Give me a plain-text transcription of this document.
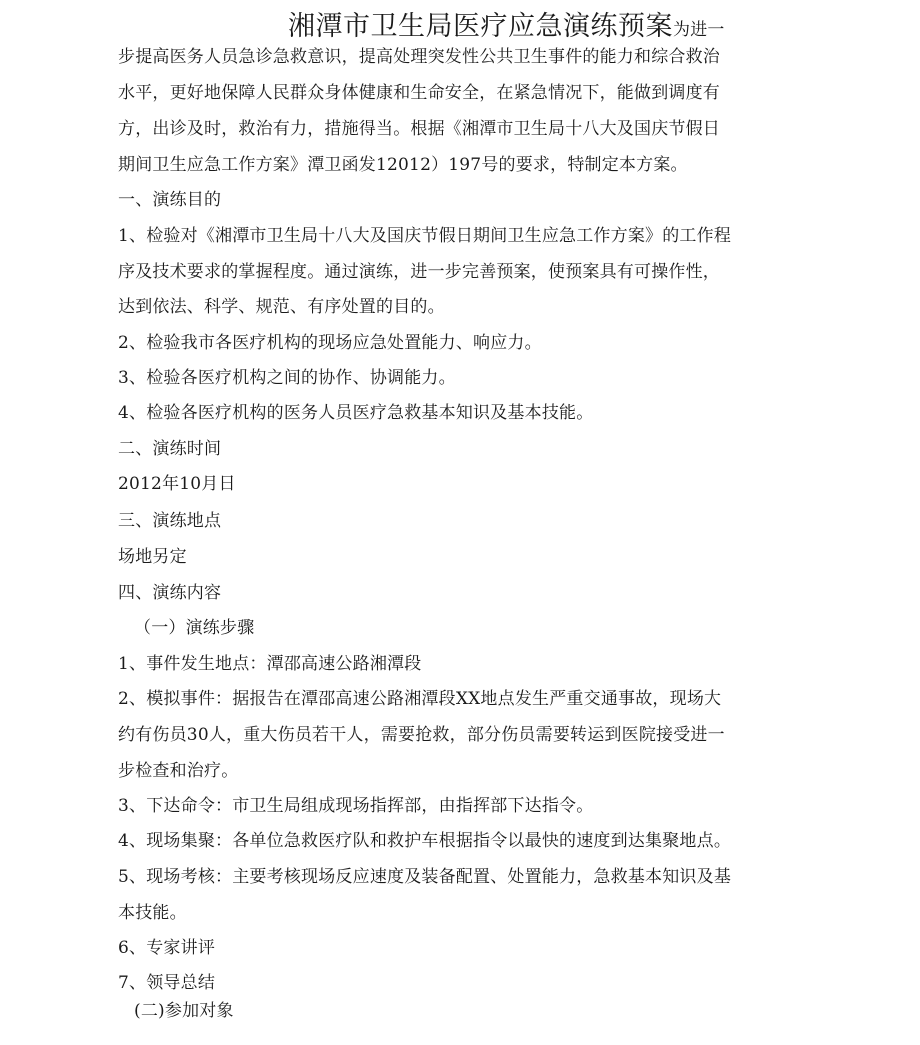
湘潭市卫生局医疗应急演练预案为进一
步提高医务人员急诊急救意识，提高处理突发性公共卫生事件的能力和综合救治
水平，更好地保障人民群众身体健康和生命安全，在紧急情况下，能做到调度有
方，出诊及时，救治有力，措施得当。根据《湘潭市卫生局十八大及国庆节假日
期间卫生应急工作方案》潭卫函发12012）197号的要求，特制定本方案。
一、演练目的
1、检验对《湘潭市卫生局十八大及国庆节假日期间卫生应急工作方案》的工作程
序及技术要求的掌握程度。通过演练，进一步完善预案，使预案具有可操作性，
达到依法、科学、规范、有序处置的目的。
2、检验我市各医疗机构的现场应急处置能力、响应力。
3、检验各医疗机构之间的协作、协调能力。
4、检验各医疗机构的医务人员医疗急救基本知识及基本技能。
二、演练时间
2012年10月日
三、演练地点
场地另定
四、演练内容
（一）演练步骤
1、事件发生地点：潭邵高速公路湘潭段
2、模拟事件：据报告在潭邵高速公路湘潭段XX地点发生严重交通事故，现场大
约有伤员30人，重大伤员若干人，需要抢救，部分伤员需要转运到医院接受进一
步检查和治疗。
3、下达命令：市卫生局组成现场指挥部，由指挥部下达指令。
4、现场集聚：各单位急救医疗队和救护车根据指令以最快的速度到达集聚地点。
5、现场考核：主要考核现场反应速度及装备配置、处置能力，急救基本知识及基
本技能。
6、专家讲评
7、领导总结
(二)参加对象
